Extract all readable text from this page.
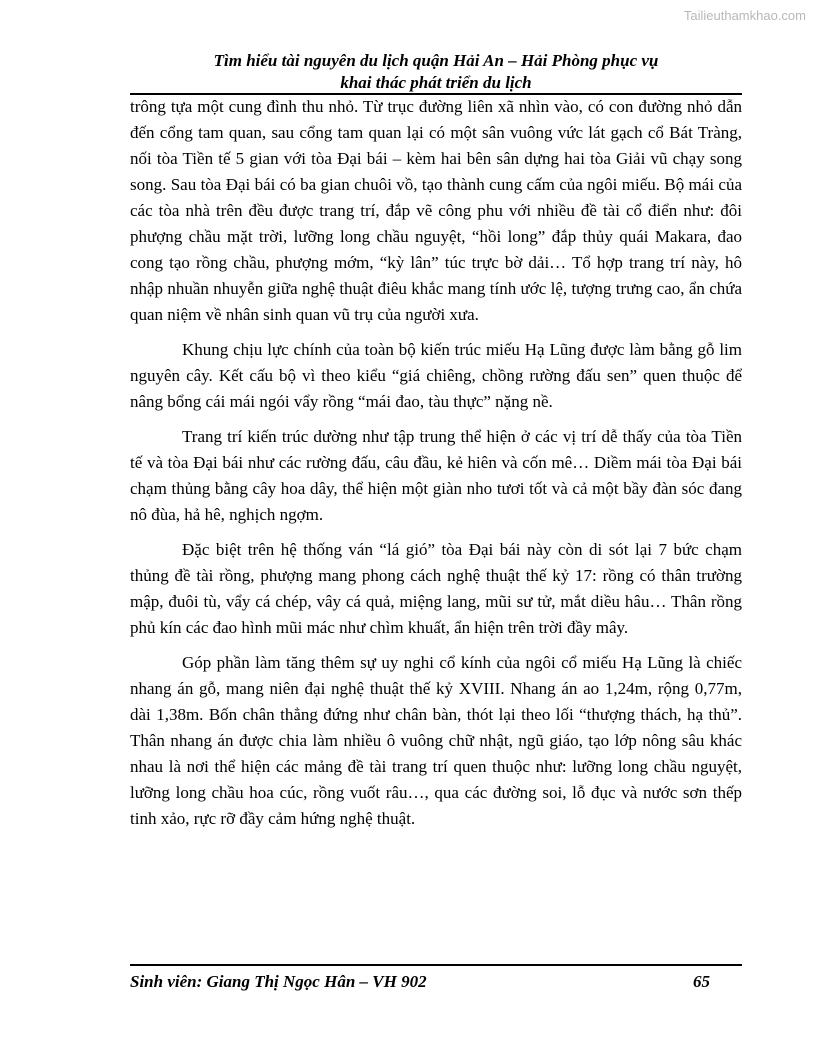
Tailieuthamkhao.com
Tìm hiểu tài nguyên du lịch quận Hải An – Hải Phòng phục vụ
khai thác phát triển du lịch

trông tựa một cung đình thu nhỏ. Từ trục đường liên xã nhìn vào, có con đường nhỏ dẫn đến cổng tam quan, sau cổng tam quan lại có một sân vuông vức lát gạch cổ Bát Tràng, nối tòa Tiền tế 5 gian với tòa Đại bái – kèm hai bên sân dựng hai tòa Giải vũ chạy song song. Sau tòa Đại bái có ba gian chuôi vồ, tạo thành cung cấm của ngôi miếu. Bộ mái của các tòa nhà trên đều được trang trí, đắp vẽ công phu với nhiều đề tài cổ điển như: đôi phượng chầu mặt trời, lưỡng long chầu nguyệt, “hồi long” đắp thủy quái Makara, đao cong tạo rồng chầu, phượng mớm, “kỳ lân” túc trực bờ dải… Tổ hợp trang trí này, hô nhập nhuần nhuyễn giữa nghệ thuật điêu khắc mang tính ước lệ, tượng trưng cao, ẩn chứa quan niệm về nhân sinh quan vũ trụ của người xưa.

Khung chịu lực chính của toàn bộ kiến trúc miếu Hạ Lũng được làm bằng gỗ lim nguyên cây. Kết cấu bộ vì theo kiểu “giá chiêng, chồng rường đấu sen” quen thuộc để nâng bổng cái mái ngói vẩy rồng “mái đao, tàu thực” nặng nề.

Trang trí kiến trúc dường như tập trung thể hiện ở các vị trí dễ thấy của tòa Tiền tế và tòa Đại bái như các rường đấu, câu đầu, kẻ hiên và cốn mê… Diềm mái tòa Đại bái chạm thủng bằng cây hoa dây, thể hiện một giàn nho tươi tốt và cả một bầy đàn sóc đang nô đùa, hả hê, nghịch ngợm.

Đặc biệt trên hệ thống ván “lá gió” tòa Đại bái này còn di sót lại 7 bức chạm thủng đề tài rồng, phượng mang phong cách nghệ thuật thế kỷ 17: rồng có thân trường mập, đuôi tù, vẩy cá chép, vây cá quả, miệng lang, mũi sư tử, mắt diều hâu… Thân rồng phủ kín các đao hình mũi mác như chìm khuất, ẩn hiện trên trời đầy mây.

Góp phần làm tăng thêm sự uy nghi cổ kính của ngôi cổ miếu Hạ Lũng là chiếc nhang án gỗ, mang niên đại nghệ thuật thế kỷ XVIII. Nhang án ao 1,24m, rộng 0,77m, dài 1,38m. Bốn chân thẳng đứng như chân bàn, thót lại theo lối “thượng thách, hạ thủ”. Thân nhang án được chia làm nhiều ô vuông chữ nhật, ngũ giáo, tạo lớp nông sâu khác nhau là nơi thể hiện các mảng đề tài trang trí quen thuộc như: lưỡng long chầu nguyệt, lưỡng long chầu hoa cúc, rồng vuốt râu…, qua các đường soi, lỗ đục và nước sơn thếp tinh xảo, rực rỡ đầy cảm hứng nghệ thuật.

Sinh viên: Giang Thị Ngọc Hân – VH 902	65
